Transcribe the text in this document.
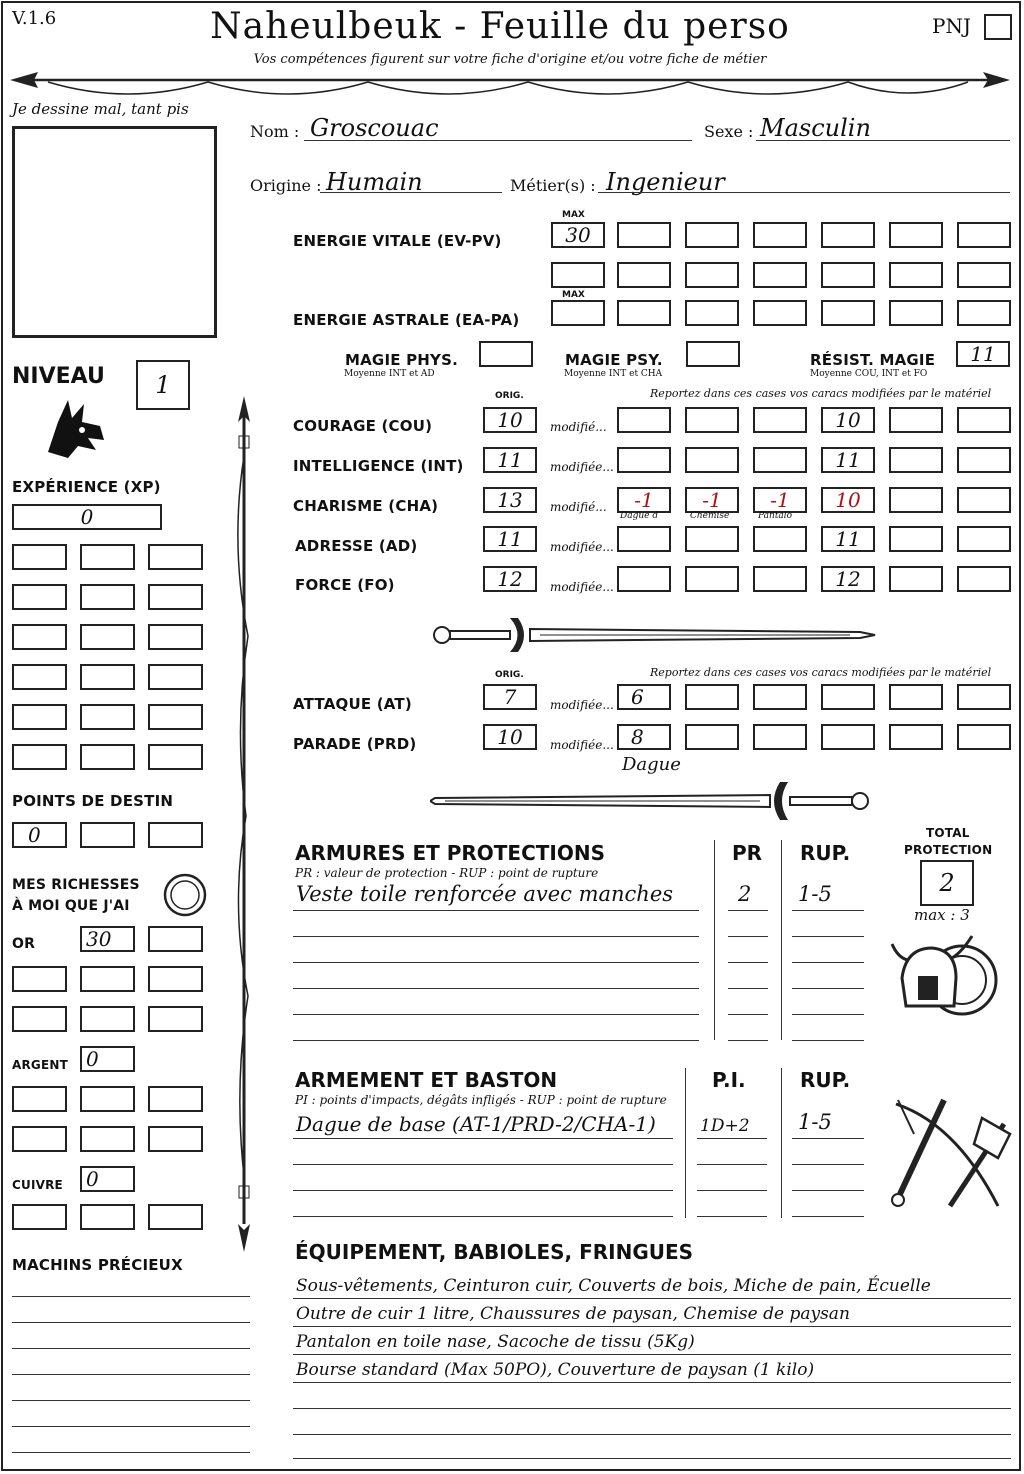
V.1.6	Naheulbeuk - Feuille du perso
Vos compétences figurent sur votre fiche d'origine et/ou votre fiche de métier
PNJ
Je dessine mal, tant pis
Nom : Groscouac	Sexe : Masculin
Origine : Humain	Métier(s) : Ingenieur
MAX
ENERGIE VITALE (EV-PV)	30
MAX
ENERGIE ASTRALE (EA-PA)
MAGIE PHYS.
Moyenne INT et AD
MAGIE PSY.
Moyenne INT et CHA
RÉSIST. MAGIE
Moyenne COU, INT et FO
11
NIVEAU	1
EXPÉRIENCE (XP)
0
POINTS DE DESTIN
0
MES RICHESSES
À MOI QUE J'AI
OR	30
ARGENT 0
CUIVRE 0
MACHINS PRÉCIEUX
ORIG.	Reportez dans ces cases vos caracs modifiées par le matériel
COURAGE (COU)	10	modifié...	10
INTELLIGENCE (INT)	11	modifiée...	11
CHARISME (CHA)	13	modifié...	-1	-1	-1	10
Dague d	Chemise	Pantalo
ADRESSE (AD)	11	modifiée...	11
FORCE (FO)	12	modifiée...	12
ORIG.	Reportez dans ces cases vos caracs modifiées par le matériel
ATTAQUE (AT)	7	modifiée... 6
PARADE (PRD)	10	modifiée... 8
Dague
ARMURES ET PROTECTIONS
PR : valeur de protection - RUP : point de rupture
PR RUP.
Veste toile renforcée avec manches	2 1-5
TOTAL
PROTECTION
2
max : 3
ARMEMENT ET BASTON
PI : points d'impacts, dégâts infligés - RUP : point de rupture
P.I.	RUP.
Dague de base (AT-1/PRD-2/CHA-1)	1D+2 1-5
ÉQUIPEMENT, BABIOLES, FRINGUES
Sous-vêtements, Ceinturon cuir, Couverts de bois, Miche de pain, Écuelle
Outre de cuir 1 litre, Chaussures de paysan, Chemise de paysan
Pantalon en toile nase, Sacoche de tissu (5Kg)
Bourse standard (Max 50PO), Couverture de paysan (1 kilo)
